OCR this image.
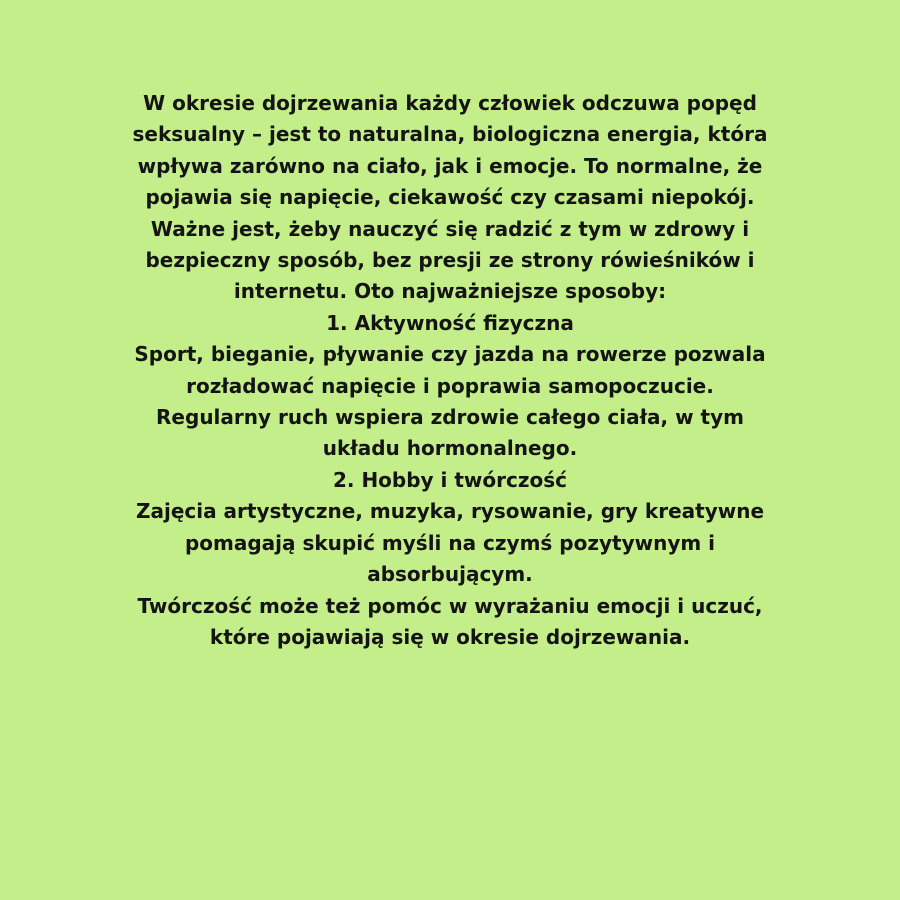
W okresie dojrzewania każdy człowiek odczuwa popęd
seksualny – jest to naturalna, biologiczna energia, która
wpływa zarówno na ciało, jak i emocje. To normalne, że
pojawia się napięcie, ciekawość czy czasami niepokój.
Ważne jest, żeby nauczyć się radzić z tym w zdrowy i
bezpieczny sposób, bez presji ze strony rówieśników i
internetu. Oto najważniejsze sposoby:
1. Aktywność fizyczna
Sport, bieganie, pływanie czy jazda na rowerze pozwala
rozładować napięcie i poprawia samopoczucie.
Regularny ruch wspiera zdrowie całego ciała, w tym
układu hormonalnego.
2. Hobby i twórczość
Zajęcia artystyczne, muzyka, rysowanie, gry kreatywne
pomagają skupić myśli na czymś pozytywnym i
absorbującym.
Twórczość może też pomóc w wyrażaniu emocji i uczuć,
które pojawiają się w okresie dojrzewania.
